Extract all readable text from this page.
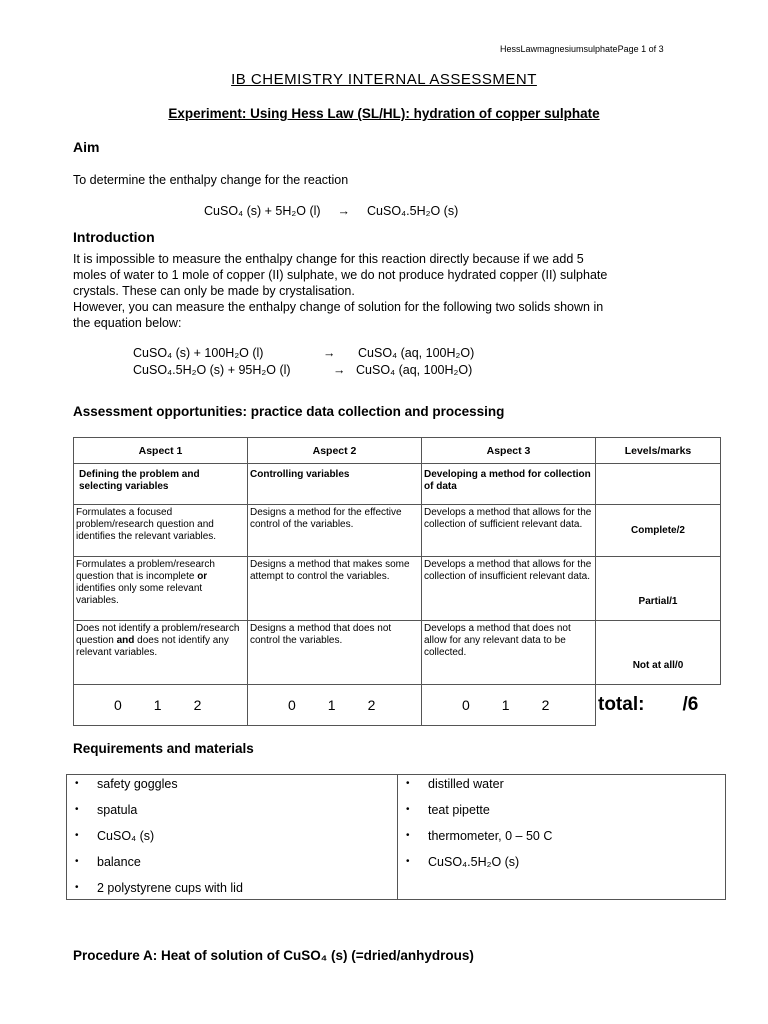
HessLawmagnesiumsulphatePage 1 of 3
IB CHEMISTRY INTERNAL ASSESSMENT
Experiment: Using Hess Law (SL/HL): hydration of copper sulphate
Aim
To determine the enthalpy change for the reaction
CuSO₄ (s) + 5H₂O (l) → CuSO₄.5H₂O (s)
Introduction
It is impossible to measure the enthalpy change for this reaction directly because if we add 5
moles of water to 1 mole of copper (II) sulphate, we do not produce hydrated copper (II) sulphate
crystals. These can only be made by crystalisation.
However, you can measure the enthalpy change of solution for the following two solids shown in
the equation below:
CuSO₄ (s) + 100H₂O (l)	→ CuSO₄ (aq, 100H₂O)
CuSO₄.5H₂O (s) + 95H₂O (l)	→ CuSO₄ (aq, 100H₂O)
Assessment opportunities: practice data collection and processing
Aspect 1	Aspect 2	Aspect 3	Levels/marks
Defining the problem and selecting variables	Controlling variables	Developing a method for collection of data	
Formulates a focused problem/research question and identifies the relevant variables.	Designs a method for the effective control of the variables.	Develops a method that allows for the collection of sufficient relevant data.	Complete/2
Formulates a problem/research question that is incomplete or identifies only some relevant variables.	Designs a method that makes some attempt to control the variables.	Develops a method that allows for the collection of insufficient relevant data.	Partial/1
Does not identify a problem/research question and does not identify any relevant variables.	Designs a method that does not control the variables.	Develops a method that does not allow for any relevant data to be collected.	Not at all/0
0 1 2	0 1 2	0 1 2	total: /6
Requirements and materials
• safety goggles
• spatula
• CuSO₄ (s)
• balance
• 2 polystyrene cups with lid

• distilled water
• teat pipette
• thermometer, 0 – 50 C
• CuSO₄.5H₂O (s)
Procedure A: Heat of solution of CuSO₄ (s) (=dried/anhydrous)
